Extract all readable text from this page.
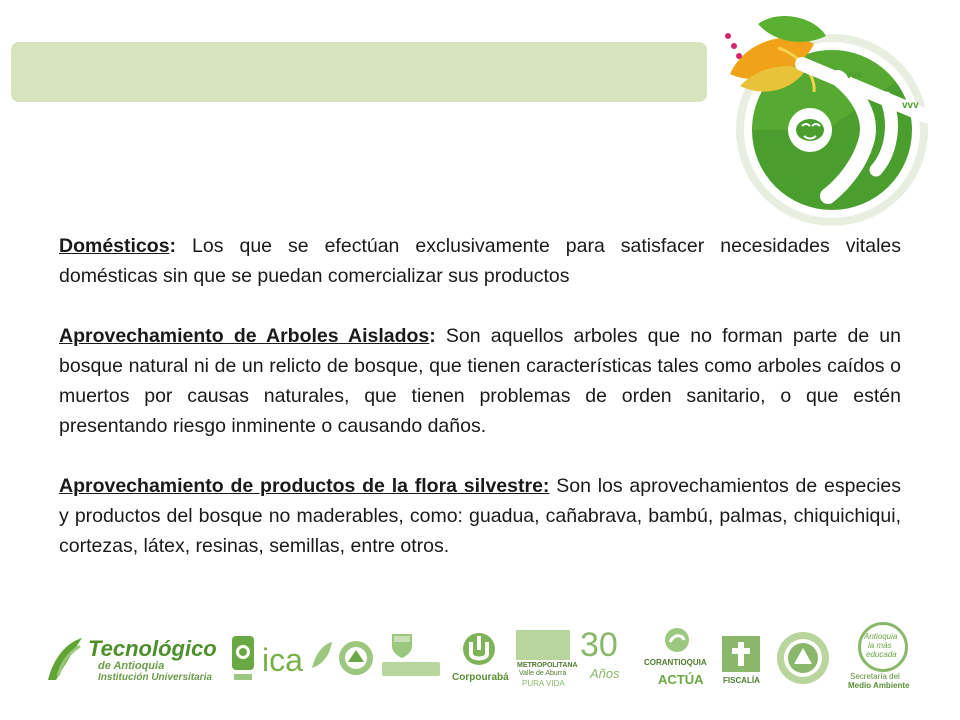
vvv
vvv

Domésticos: Los que se efectúan exclusivamente para satisfacer necesidades vitales domésticas sin que se puedan comercializar sus productos

Aprovechamiento de Arboles Aislados: Son aquellos arboles que no forman parte de un bosque natural ni de un relicto de bosque, que tienen características tales como arboles caídos o muertos por causas naturales, que tienen problemas de orden sanitario, o que estén presentando riesgo inminente o causando daños.

Aprovechamiento de productos de la flora silvestre: Son los aprovechamientos de especies y productos del bosque no maderables, como: guadua, cañabrava, bambú, palmas, chiquichiqui, cortezas, látex, resinas, semillas, entre otros.

Tecnológico
de Antioquia
Institución Universitaria ica	Corpourabá
METROPOLITANA
Valle de Aburrá
PURA VIDA
30
Años
CORANTIOQUIA
ACTÚA FISCALÍA
Antioquia
la más
educada
Secretaría del
Medio Ambiente
